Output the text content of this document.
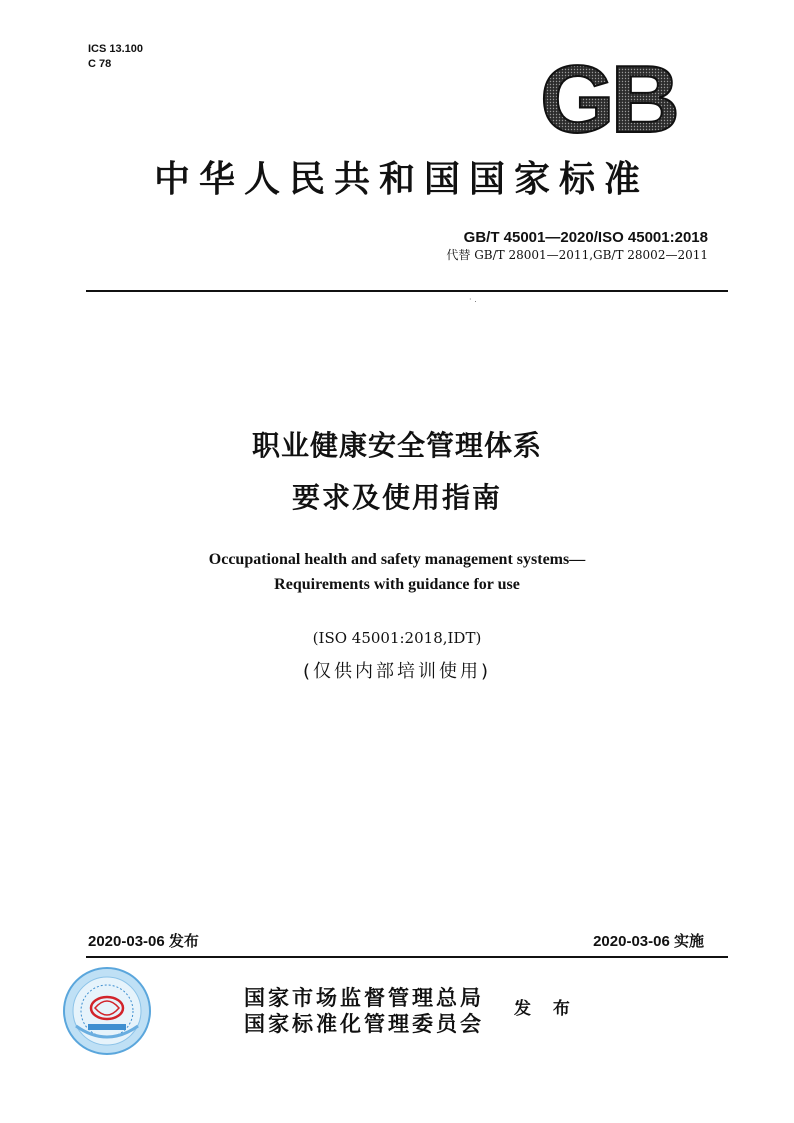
ICS 13.100
C 78	GB
中华人民共和国国家标准
GB/T 45001—2020/ISO 45001:2018
代替 GB/T 28001—2011,GB/T 28002—2011
· .
职业健康安全管理体系
要求及使用指南
Occupational health and safety management systems—
Requirements with guidance for use
(ISO 45001:2018,IDT)
(仅供内部培训使用)
2020-03-06 发布	2020-03-06 实施
国家市场监督管理总局
国家标准化管理委员会
发 布
